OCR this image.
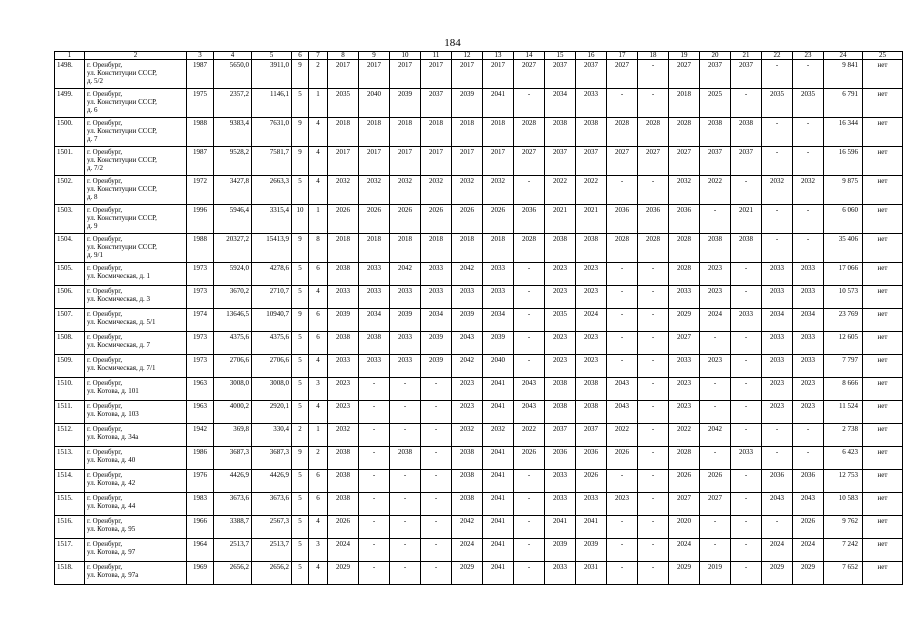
184
1	2	3	4	5	6	7	8	9	10	11	12	13	14	15	16	17	18	19	20	21	22	23	24	25
1498.	г. Оренбург,
ул. Конституции СССР,
д. 5/2	1987	5650,0	3911,0	9	2	2017	2017	2017	2017	2017	2017	2027	2037	2037	2027	-	2027	2037	2037	-	-	9 841	нет
1499.	г. Оренбург,
ул. Конституции СССР,
д. 6	1975	2357,2	1146,1	5	1	2035	2040	2039	2037	2039	2041	-	2034	2033	-	-	2018	2025	-	2035	2035	6 791	нет
1500.	г. Оренбург,
ул. Конституции СССР,
д. 7	1988	9383,4	7631,0	9	4	2018	2018	2018	2018	2018	2018	2028	2038	2038	2028	2028	2028	2038	2038	-	-	16 344	нет
1501.	г. Оренбург,
ул. Конституции СССР,
д. 7/2	1987	9528,2	7581,7	9	4	2017	2017	2017	2017	2017	2017	2027	2037	2037	2027	2027	2027	2037	2037	-	-	16 596	нет
1502.	г. Оренбург,
ул. Конституции СССР,
д. 8	1972	3427,8	2663,3	5	4	2032	2032	2032	2032	2032	2032	-	2022	2022	-	-	2032	2022	-	2032	2032	9 875	нет
1503.	г. Оренбург,
ул. Конституции СССР,
д. 9	1996	5946,4	3315,4	10	1	2026	2026	2026	2026	2026	2026	2036	2021	2021	2036	2036	2036	-	2021	-	-	6 060	нет
1504.	г. Оренбург,
ул. Конституции СССР,
д. 9/1	1988	20327,2	15413,9	9	8	2018	2018	2018	2018	2018	2018	2028	2038	2038	2028	2028	2028	2038	2038	-	-	35 406	нет
1505.	г. Оренбург,
ул. Космическая, д. 1	1973	5924,0	4278,6	5	6	2038	2033	2042	2033	2042	2033	-	2023	2023	-	-	2028	2023	-	2033	2033	17 066	нет
1506.	г. Оренбург,
ул. Космическая, д. 3	1973	3670,2	2710,7	5	4	2033	2033	2033	2033	2033	2033	-	2023	2023	-	-	2033	2023	-	2033	2033	10 573	нет
1507.	г. Оренбург,
ул. Космическая, д. 5/1	1974	13646,5	10940,7	9	6	2039	2034	2039	2034	2039	2034	-	2035	2024	-	-	2029	2024	2033	2034	2034	23 769	нет
1508.	г. Оренбург,
ул. Космическая, д. 7	1973	4375,6	4375,6	5	6	2038	2038	2033	2039	2043	2039	-	2023	2023	-	-	2027	-	-	2033	2033	12 605	нет
1509.	г. Оренбург,
ул. Космическая, д. 7/1	1973	2706,6	2706,6	5	4	2033	2033	2033	2039	2042	2040	-	2023	2023	-	-	2033	2023	-	2033	2033	7 797	нет
1510.	г. Оренбург,
ул. Котова, д. 101	1963	3008,0	3008,0	5	3	2023	-	-	-	2023	2041	2043	2038	2038	2043	-	2023	-	-	2023	2023	8 666	нет
1511.	г. Оренбург,
ул. Котова, д. 103	1963	4000,2	2920,1	5	4	2023	-	-	-	2023	2041	2043	2038	2038	2043	-	2023	-	-	2023	2023	11 524	нет
1512.	г. Оренбург,
ул. Котова, д. 34а	1942	369,8	330,4	2	1	2032	-	-	-	2032	2032	2022	2037	2037	2022	-	2022	2042	-	-	-	2 738	нет
1513.	г. Оренбург,
ул. Котова, д. 40	1986	3687,3	3687,3	9	2	2038	-	2038	-	2038	2041	2026	2036	2036	2026	-	2028	-	2033	-	-	6 423	нет
1514.	г. Оренбург,
ул. Котова, д. 42	1976	4426,9	4426,9	5	6	2038	-	-	-	2038	2041	-	2033	2026	-	-	2026	2026	-	2036	2036	12 753	нет
1515.	г. Оренбург,
ул. Котова, д. 44	1983	3673,6	3673,6	5	6	2038	-	-	-	2038	2041	-	2033	2033	2023	-	2027	2027	-	2043	2043	10 583	нет
1516.	г. Оренбург,
ул. Котова, д. 95	1966	3388,7	2567,3	5	4	2026	-	-	-	2042	2041	-	2041	2041	-	-	2020	-	-	-	2026	9 762	нет
1517.	г. Оренбург,
ул. Котова, д. 97	1964	2513,7	2513,7	5	3	2024	-	-	-	2024	2041	-	2039	2039	-	-	2024	-	-	2024	2024	7 242	нет
1518.	г. Оренбург,
ул. Котова, д. 97а	1969	2656,2	2656,2	5	4	2029	-	-	-	2029	2041	-	2033	2031	-	-	2029	2019	-	2029	2029	7 652	нет
